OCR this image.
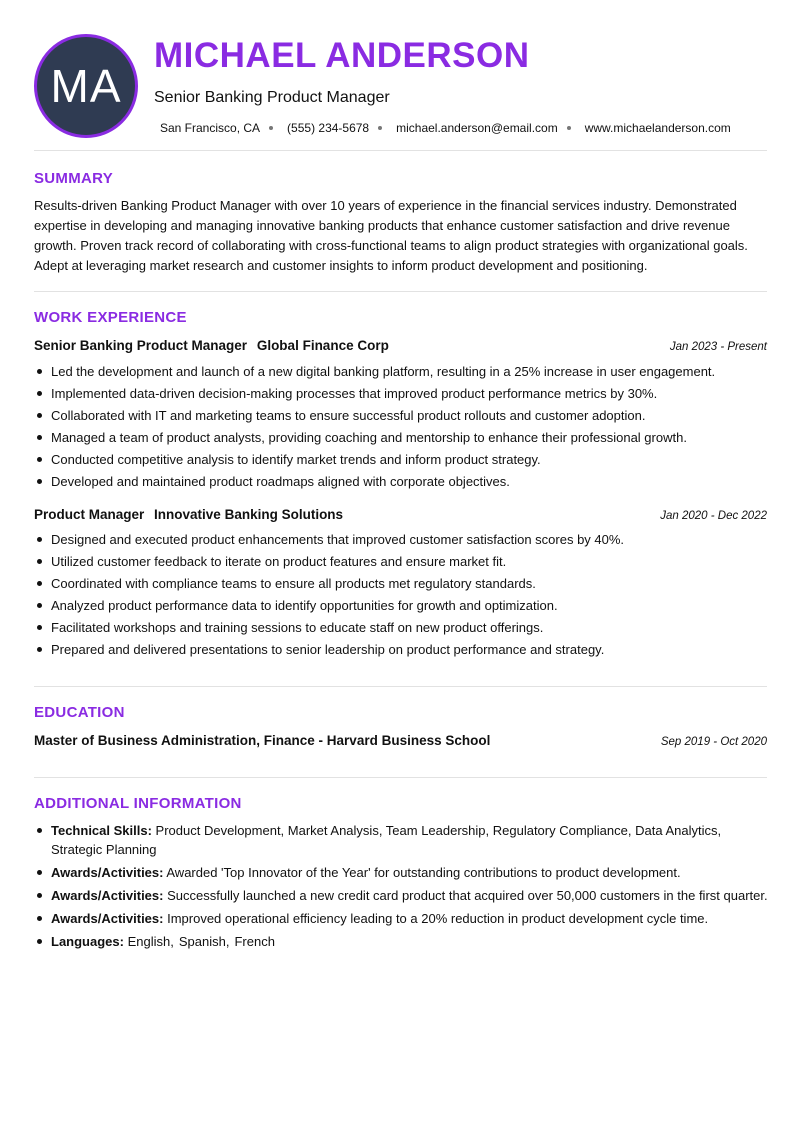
MA
MICHAEL ANDERSON
Senior Banking Product Manager
San Francisco, CA (555) 234-5678 michael.anderson@email.com www.michaelanderson.com
SUMMARY
Results-driven Banking Product Manager with over 10 years of experience in the financial services industry. Demonstrated expertise in developing and managing innovative banking products that enhance customer satisfaction and drive revenue growth. Proven track record of collaborating with cross-functional teams to align product strategies with organizational goals. Adept at leveraging market research and customer insights to inform product development and positioning.
WORK EXPERIENCE
Senior Banking Product Manager Global Finance Corp	Jan 2023 - Present
Led the development and launch of a new digital banking platform, resulting in a 25% increase in user engagement.
Implemented data-driven decision-making processes that improved product performance metrics by 30%.
Collaborated with IT and marketing teams to ensure successful product rollouts and customer adoption.
Managed a team of product analysts, providing coaching and mentorship to enhance their professional growth.
Conducted competitive analysis to identify market trends and inform product strategy.
Developed and maintained product roadmaps aligned with corporate objectives.
Product Manager Innovative Banking Solutions	Jan 2020 - Dec 2022
Designed and executed product enhancements that improved customer satisfaction scores by 40%.
Utilized customer feedback to iterate on product features and ensure market fit.
Coordinated with compliance teams to ensure all products met regulatory standards.
Analyzed product performance data to identify opportunities for growth and optimization.
Facilitated workshops and training sessions to educate staff on new product offerings.
Prepared and delivered presentations to senior leadership on product performance and strategy.
EDUCATION
Master of Business Administration, Finance - Harvard Business School	Sep 2019 - Oct 2020
ADDITIONAL INFORMATION
Technical Skills: Product Development, Market Analysis, Team Leadership, Regulatory Compliance, Data Analytics, Strategic Planning
Awards/Activities: Awarded 'Top Innovator of the Year' for outstanding contributions to product development.
Awards/Activities: Successfully launched a new credit card product that acquired over 50,000 customers in the first quarter.
Awards/Activities: Improved operational efficiency leading to a 20% reduction in product development cycle time.
Languages: English, Spanish, French
